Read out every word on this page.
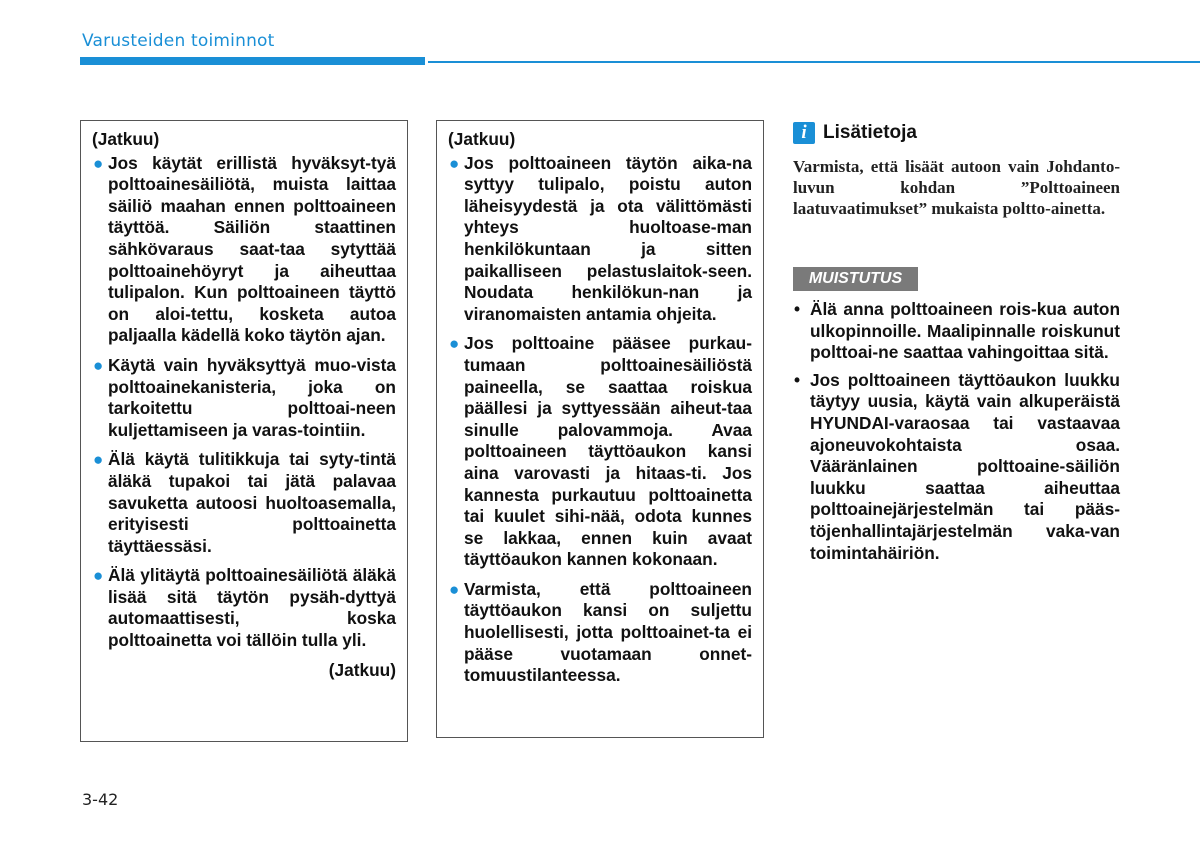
Varusteiden toiminnot
(Jatkuu)
● Jos käytät erillistä hyväksyt-tyä polttoainesäiliötä, muista laittaa säiliö maahan ennen polttoaineen täyttöä. Säiliön staattinen sähkövaraus saat-taa sytyttää polttoainehöyryt ja aiheuttaa tulipalon. Kun polttoaineen täyttö on aloi-tettu, kosketa autoa paljaalla kädellä koko täytön ajan.
● Käytä vain hyväksyttyä muo-vista polttoainekanisteria, joka on tarkoitettu polttoai-neen kuljettamiseen ja varas-tointiin.
● Älä käytä tulitikkuja tai syty-tintä äläkä tupakoi tai jätä palavaa savuketta autoosi huoltoasemalla, erityisesti polttoainetta täyttäessäsi.
● Älä ylitäytä polttoainesäiliötä äläkä lisää sitä täytön pysäh-dyttyä automaattisesti, koska polttoainetta voi tällöin tulla yli.
(Jatkuu)
(Jatkuu)
● Jos polttoaineen täytön aika-na syttyy tulipalo, poistu auton läheisyydestä ja ota välittömästi yhteys huoltoase-man henkilökuntaan ja sitten paikalliseen pelastuslaitok-seen. Noudata henkilökun-nan ja viranomaisten antamia ohjeita.
● Jos polttoaine pääsee purkau-tumaan polttoainesäiliöstä paineella, se saattaa roiskua päällesi ja syttyessään aiheut-taa sinulle palovammoja. Avaa polttoaineen täyttöaukon kansi aina varovasti ja hitaas-ti. Jos kannesta purkautuu polttoainetta tai kuulet sihi-nää, odota kunnes se lakkaa, ennen kuin avaat täyttöaukon kannen kokonaan.
● Varmista, että polttoaineen täyttöaukon kansi on suljettu huolellisesti, jotta polttoainet-ta ei pääse vuotamaan onnet-tomuustilanteessa.
i Lisätietoja
Varmista, että lisäät autoon vain Johdanto-luvun kohdan ”Polttoaineen laatuvaatimukset” mukaista poltto-ainetta.
MUISTUTUS
• Älä anna polttoaineen rois-kua auton ulkopinnoille. Maalipinnalle roiskunut polttoai-ne saattaa vahingoittaa sitä.
• Jos polttoaineen täyttöaukon luukku täytyy uusia, käytä vain alkuperäistä HYUNDAI-varaosaa tai vastaavaa ajoneuvokohtaista osaa. Vääränlainen polttoaine-säiliön luukku saattaa aiheuttaa polttoainejärjestelmän tai pääs-töjenhallintajärjestelmän vaka-van toimintahäiriön.
3-42
